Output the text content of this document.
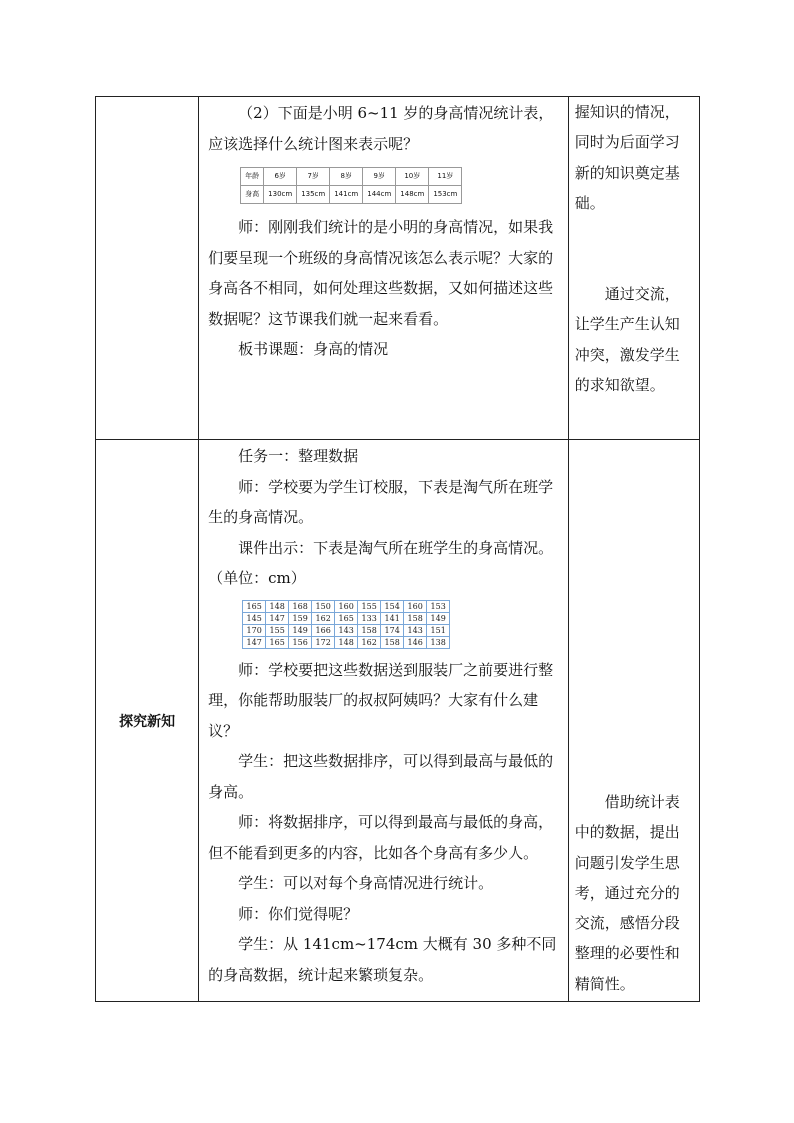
（2）下面是小明 6~11 岁的身高情况统计表，应该选择什么统计图来表示呢？

年龄	6岁	7岁	8岁	9岁	10岁	11岁
身高	130cm	135cm	141cm	144cm	148cm	153cm

师：刚刚我们统计的是小明的身高情况，如果我们要呈现一个班级的身高情况该怎么表示呢？大家的身高各不相同，如何处理这些数据，又如何描述这些数据呢？这节课我们就一起来看看。

板书课题：身高的情况

握知识的情况，同时为后面学习新的知识奠定基础。

通过交流，让学生产生认知冲突，激发学生的求知欲望。

探究新知	

任务一：整理数据

师：学校要为学生订校服，下表是淘气所在班学生的身高情况。

课件出示：下表是淘气所在班学生的身高情况。（单位：cm）

165	148	168	150	160	155	154	160	153
145	147	159	162	165	133	141	158	149
170	155	149	166	143	158	174	143	151
147	165	156	172	148	162	158	146	138

师：学校要把这些数据送到服装厂之前要进行整理，你能帮助服装厂的叔叔阿姨吗？大家有什么建议？

学生：把这些数据排序，可以得到最高与最低的身高。

师：将数据排序，可以得到最高与最低的身高，但不能看到更多的内容，比如各个身高有多少人。

学生：可以对每个身高情况进行统计。

师：你们觉得呢？

学生：从 141cm~174cm 大概有 30 多种不同的身高数据，统计起来繁琐复杂。

借助统计表中的数据，提出问题引发学生思考，通过充分的交流，感悟分段整理的必要性和精简性。
